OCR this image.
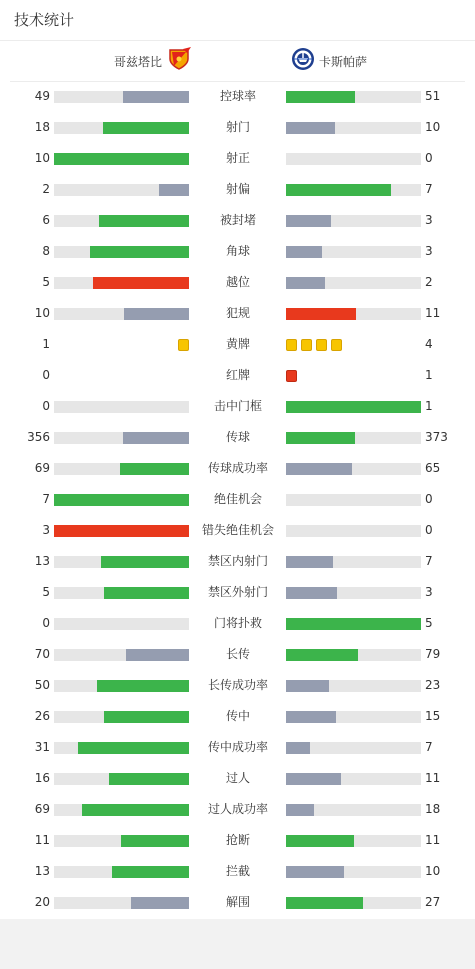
技术统计
哥兹塔比	卡斯帕萨
49	控球率	51
18	射门	10
10	射正	0
2	射偏	7
6	被封堵	3
8	角球	3
5	越位	2
10	犯规	11
1	黄牌	4
0	红牌	1
0	击中门框	1
356	传球	373
69	传球成功率	65
7	绝佳机会	0
3	错失绝佳机会	0
13	禁区内射门	7
5	禁区外射门	3
0	门将扑救	5
70	长传	79
50	长传成功率	23
26	传中	15
31	传中成功率	7
16	过人	11
69	过人成功率	18
11	抢断	11
13	拦截	10
20	解围	27
